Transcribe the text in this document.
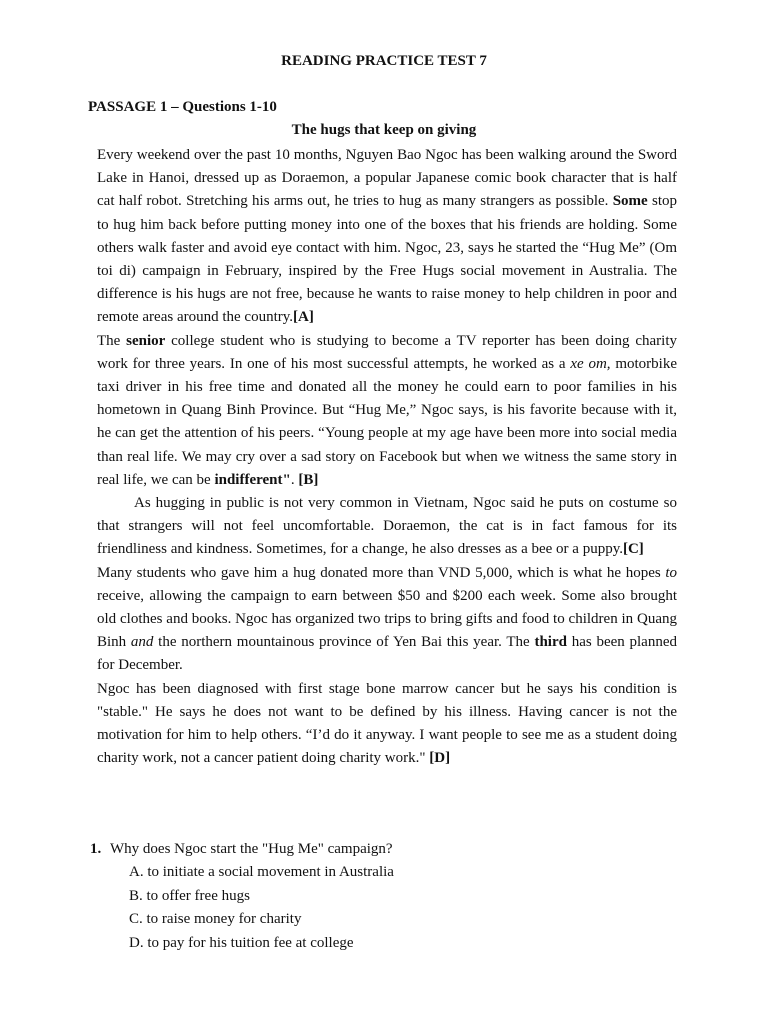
READING PRACTICE TEST 7
PASSAGE 1 – Questions 1-10
The hugs that keep on giving

Every weekend over the past 10 months, Nguyen Bao Ngoc has been walking around the Sword Lake in Hanoi, dressed up as Doraemon, a popular Japanese comic book character that is half cat half robot. Stretching his arms out, he tries to hug as many strangers as possible. Some stop to hug him back before putting money into one of the boxes that his friends are holding. Some others walk faster and avoid eye contact with him. Ngoc, 23, says he started the “Hug Me” (Om toi di) campaign in February, inspired by the Free Hugs social movement in Australia. The difference is his hugs are not free, because he wants to raise money to help children in poor and remote areas around the country.[A]

The senior college student who is studying to become a TV reporter has been doing charity work for three years. In one of his most successful attempts, he worked as a xe om, motorbike taxi driver in his free time and donated all the money he could earn to poor families in his hometown in Quang Binh Province. But “Hug Me,” Ngoc says, is his favorite because with it, he can get the attention of his peers. “Young people at my age have been more into social media than real life. We may cry over a sad story on Facebook but when we witness the same story in real life, we can be indifferent". [B]

As hugging in public is not very common in Vietnam, Ngoc said he puts on costume so that strangers will not feel uncomfortable. Doraemon, the cat is in fact famous for its friendliness and kindness. Sometimes, for a change, he also dresses as a bee or a puppy.[C]

Many students who gave him a hug donated more than VND 5,000, which is what he hopes to receive, allowing the campaign to earn between $50 and $200 each week. Some also brought old clothes and books. Ngoc has organized two trips to bring gifts and food to children in Quang Binh and the northern mountainous province of Yen Bai this year. The third has been planned for December.

Ngoc has been diagnosed with first stage bone marrow cancer but he says his condition is "stable." He says he does not want to be defined by his illness. Having cancer is not the motivation for him to help others. “I’d do it anyway. I want people to see me as a student doing charity work, not a cancer patient doing charity work." [D]

1. Why does Ngoc start the "Hug Me" campaign?
A. to initiate a social movement in Australia
B. to offer free hugs
C. to raise money for charity
D. to pay for his tuition fee at college
